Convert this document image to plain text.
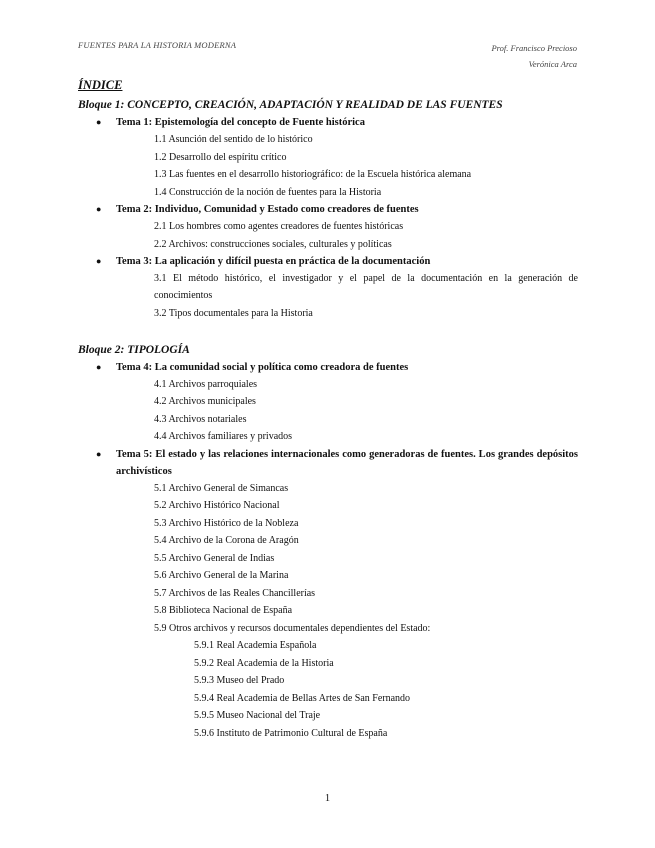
FUENTES PARA LA HISTORIA MODERNA	Prof. Francisco Precioso
Verónica Arca
ÍNDICE
Bloque 1: CONCEPTO, CREACIÓN, ADAPTACIÓN Y REALIDAD DE LAS FUENTES
● Tema 1: Epistemología del concepto de Fuente histórica
1.1 Asunción del sentido de lo histórico
1.2 Desarrollo del espíritu crítico
1.3 Las fuentes en el desarrollo historiográfico: de la Escuela histórica alemana
1.4 Construcción de la noción de fuentes para la Historia
● Tema 2: Individuo, Comunidad y Estado como creadores de fuentes
2.1 Los hombres como agentes creadores de fuentes históricas
2.2 Archivos: construcciones sociales, culturales y políticas
● Tema 3: La aplicación y difícil puesta en práctica de la documentación
3.1 El método histórico, el investigador y el papel de la documentación en la generación de conocimientos
3.2 Tipos documentales para la Historia
Bloque 2: TIPOLOGÍA
● Tema 4: La comunidad social y política como creadora de fuentes
4.1 Archivos parroquiales
4.2 Archivos municipales
4.3 Archivos notariales
4.4 Archivos familiares y privados
● Tema 5: El estado y las relaciones internacionales como generadoras de fuentes. Los grandes depósitos archivísticos
5.1 Archivo General de Simancas
5.2 Archivo Histórico Nacional
5.3 Archivo Histórico de la Nobleza
5.4 Archivo de la Corona de Aragón
5.5 Archivo General de Indias
5.6 Archivo General de la Marina
5.7 Archivos de las Reales Chancillerías
5.8 Biblioteca Nacional de España
5.9 Otros archivos y recursos documentales dependientes del Estado:
5.9.1 Real Academia Española
5.9.2 Real Academia de la Historia
5.9.3 Museo del Prado
5.9.4 Real Academia de Bellas Artes de San Fernando
5.9.5 Museo Nacional del Traje
5.9.6 Instituto de Patrimonio Cultural de España
1
